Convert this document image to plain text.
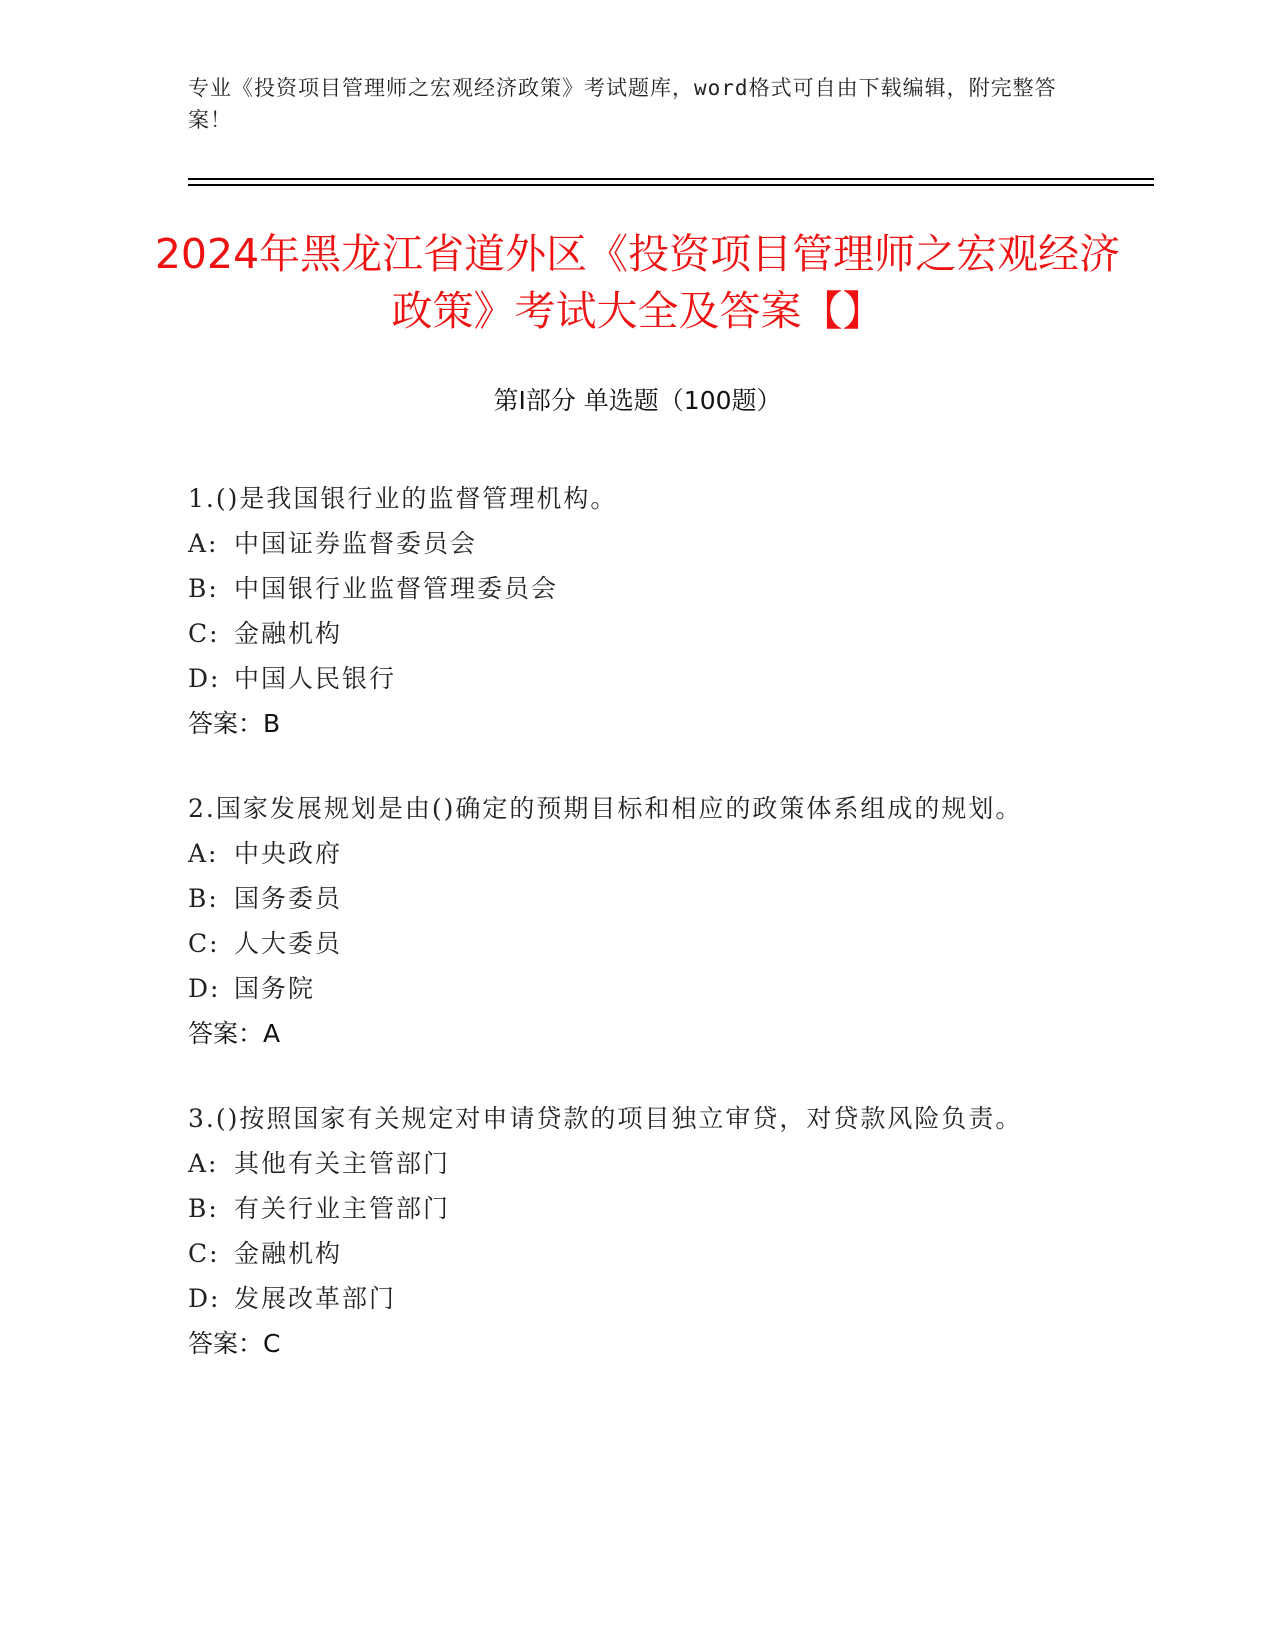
专业《投资项目管理师之宏观经济政策》考试题库，word格式可自由下载编辑，附完整答案！
2024年黑龙江省道外区《投资项目管理师之宏观经济政策》考试大全及答案【】
第Ⅰ部分 单选题（100题）

1.()是我国银行业的监督管理机构。

A: 中国证券监督委员会
B: 中国银行业监督管理委员会
C: 金融机构
D: 中国人民银行
答案：B

2.国家发展规划是由()确定的预期目标和相应的政策体系组成的规划。

A: 中央政府
B: 国务委员
C: 人大委员
D: 国务院
答案：A

3.()按照国家有关规定对申请贷款的项目独立审贷，对贷款风险负责。

A: 其他有关主管部门
B: 有关行业主管部门
C: 金融机构
D: 发展改革部门
答案：C
